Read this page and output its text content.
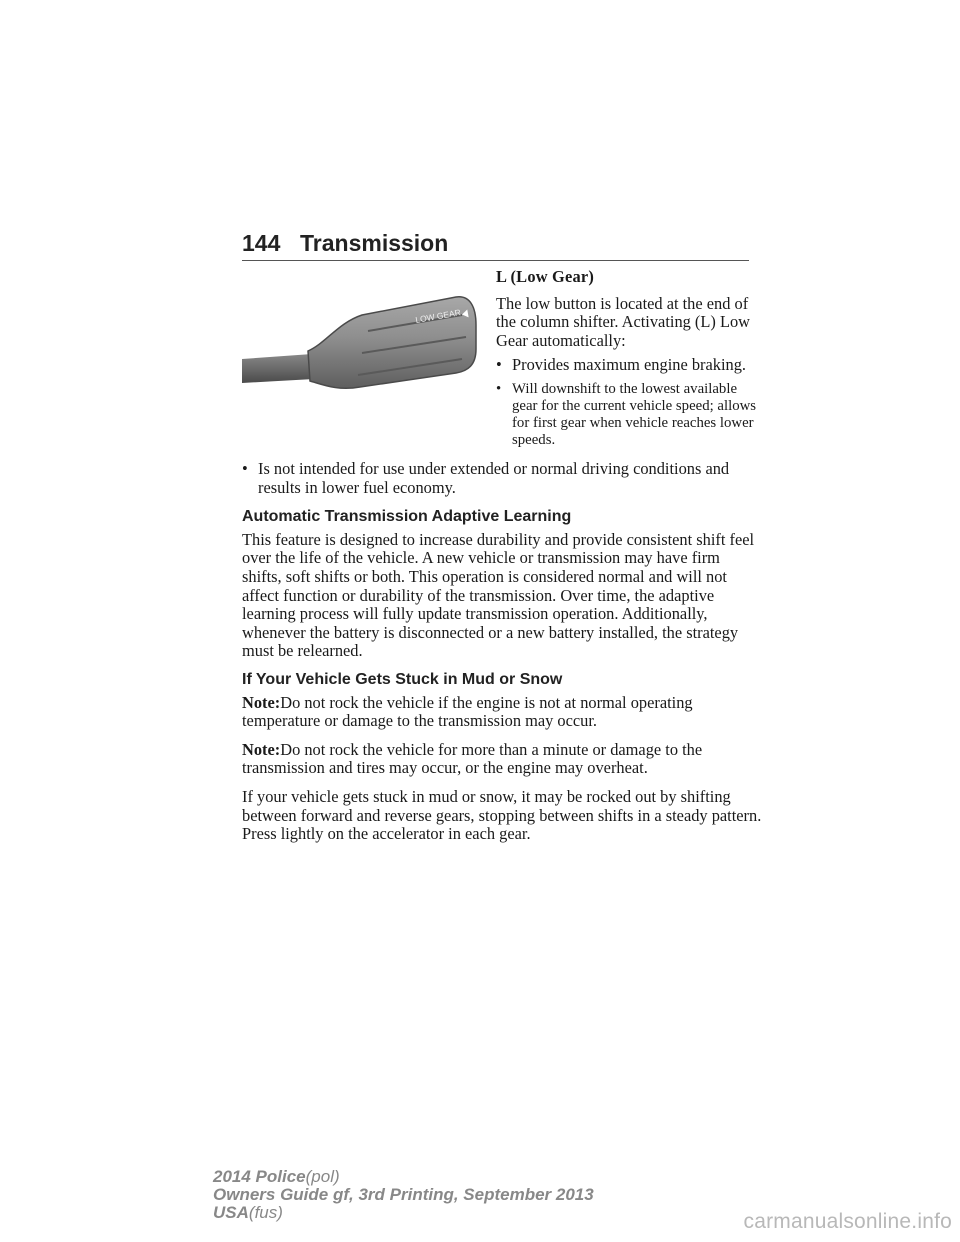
144 Transmission
LOW GEAR

L (Low Gear)

The low button is located at the end of the column shifter. Activating (L) Low Gear automatically:

• Provides maximum engine braking.
• Will downshift to the lowest available gear for the current vehicle speed; allows for first gear when vehicle reaches lower speeds.
• Is not intended for use under extended or normal driving conditions and results in lower fuel economy.

Automatic Transmission Adaptive Learning

This feature is designed to increase durability and provide consistent shift feel over the life of the vehicle. A new vehicle or transmission may have firm shifts, soft shifts or both. This operation is considered normal and will not affect function or durability of the transmission. Over time, the adaptive learning process will fully update transmission operation. Additionally, whenever the battery is disconnected or a new battery installed, the strategy must be relearned.

If Your Vehicle Gets Stuck in Mud or Snow

Note:Do not rock the vehicle if the engine is not at normal operating temperature or damage to the transmission may occur.

Note:Do not rock the vehicle for more than a minute or damage to the transmission and tires may occur, or the engine may overheat.

If your vehicle gets stuck in mud or snow, it may be rocked out by shifting between forward and reverse gears, stopping between shifts in a steady pattern. Press lightly on the accelerator in each gear.

2014 Police(pol)
Owners Guide gf, 3rd Printing, September 2013
USA(fus)	carmanualsonline.info
